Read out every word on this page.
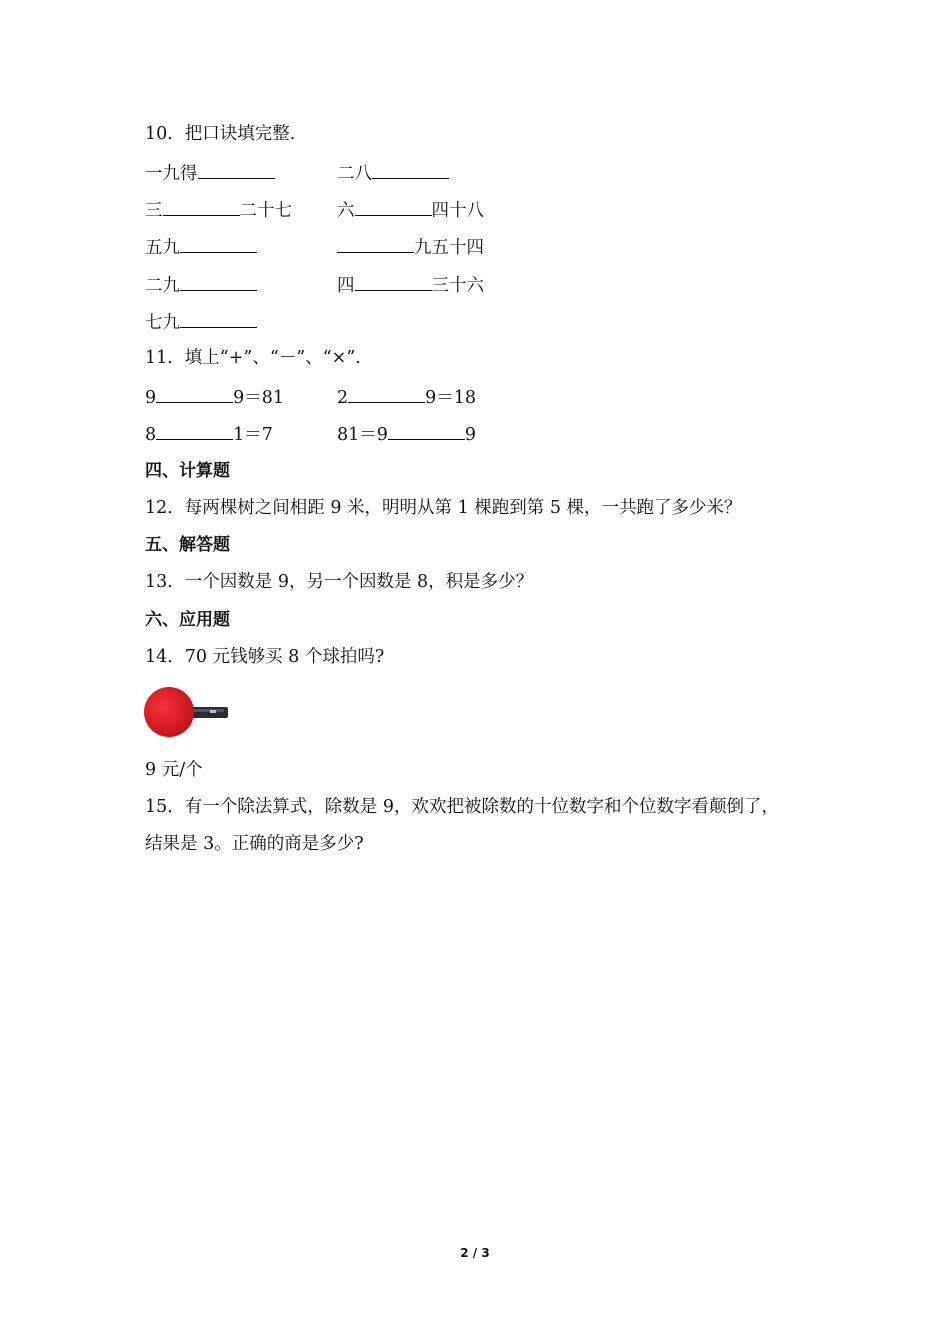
10．把口诀填完整.
一九得	二八
三	二十七	六	四十八
五九	九五十四
二九	四	三十六
七九
11．填上“+”、“－”、“×”.
9	9＝81	2	9＝18
8	1＝7	81＝9	9
四、计算题
12．每两棵树之间相距 9 米，明明从第 1 棵跑到第 5 棵，一共跑了多少米？
五、解答题
13．一个因数是 9，另一个因数是 8，积是多少？
六、应用题
14．70 元钱够买 8 个球拍吗?
9 元/个
15．有一个除法算式，除数是 9，欢欢把被除数的十位数字和个位数字看颠倒了，
结果是 3。正确的商是多少?
2 / 3
